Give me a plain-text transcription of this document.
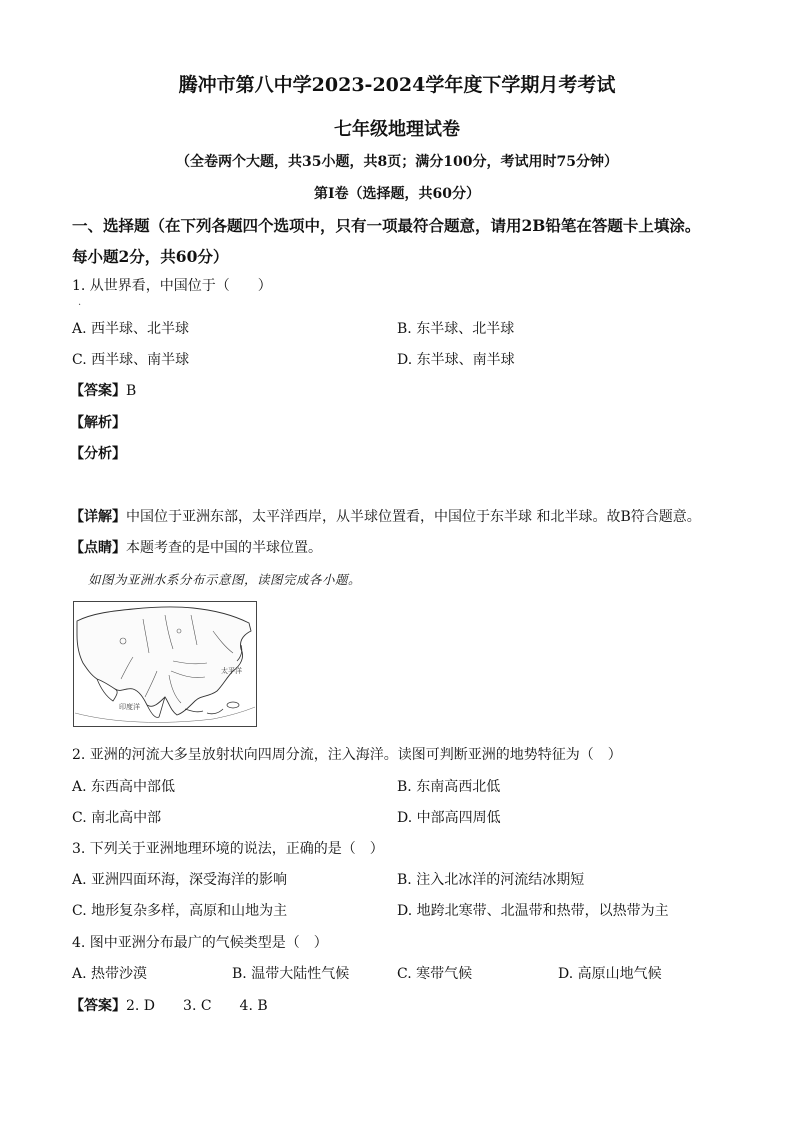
腾冲市第八中学2023-2024学年度下学期月考考试
七年级地理试卷
（全卷两个大题，共35小题，共8页；满分100分，考试用时75分钟）
第Ⅰ卷（选择题，共60分）
一、选择题（在下列各题四个选项中，只有一项最符合题意，请用2B铅笔在答题卡上填涂。
每小题2分，共60分）
1. 从世界看，中国位于（　　）
·
A. 西半球、北半球	B. 东半球、北半球
C. 西半球、南半球	D. 东半球、南半球
【答案】B
【解析】
【分析】
【详解】中国位于亚洲东部，太平洋西岸，从半球位置看，中国位于东半球 和北半球。故B符合题意。
【点睛】本题考查的是中国的半球位置。
如图为亚洲水系分布示意图，读图完成各小题。
太平洋
印度洋
2. 亚洲的河流大多呈放射状向四周分流，注入海洋。读图可判断亚洲的地势特征为（　）
A. 东西高中部低	B. 东南高西北低
C. 南北高中部	D. 中部高四周低
3. 下列关于亚洲地理环境的说法，正确的是（　）
A. 亚洲四面环海，深受海洋的影响	B. 注入北冰洋的河流结冰期短
C. 地形复杂多样，高原和山地为主	D. 地跨北寒带、北温带和热带，以热带为主
4. 图中亚洲分布最广的气候类型是（　）
A. 热带沙漠	B. 温带大陆性气候	C. 寒带气候	D. 高原山地气候
【答案】2. D　　3. C　　4. B
